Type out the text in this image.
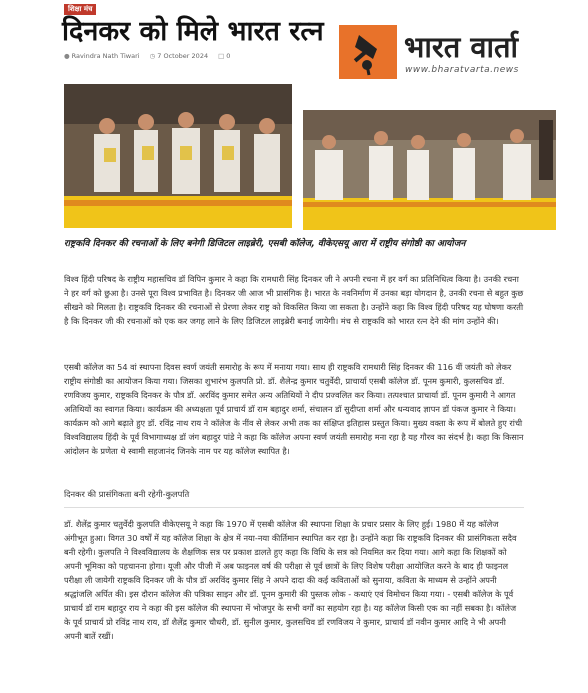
शिक्षा मंच
दिनकर को मिले भारत रत्न
● Ravindra Nath Tiwari ◷ 7 October 2024 □ 0	भारत वार्ता
www.bharatvarta.news

राष्ट्रकवि दिनकर की रचनाओं के लिए बनेगी डिजिटल लाइब्रेरी, एसबी कॉलेज, वीकेएसयू आरा में राष्ट्रीय संगोष्ठी का आयोजन

विश्व हिंदी परिषद के राष्ट्रीय महासचिव डॉ विपिन कुमार ने कहा कि रामधारी सिंह दिनकर जी ने अपनी रचना में हर वर्ग का प्रतिनिधित्व किया है। उनकी रचना ने हर वर्ग को छुआ है। उनसे पूरा विश्व प्रभावित है। दिनकर जी आज भी प्रासंगिक है। भारत के नवनिर्माण में उनका बड़ा योगदान है, उनकी रचना से बहुत कुछ सीखने को मिलता है। राष्ट्रकवि दिनकर की रचनाओं से प्रेरणा लेकर राष्ट्र को विकसित किया जा सकता है। उन्होंने कहा कि विश्व हिंदी परिषद यह घोषणा करती है कि दिनकर जी की रचनाओं को एक कर जगह लाने के लिए डिजिटल लाइब्रेरी बनाई जायेगी। मंच से राष्ट्रकवि को भारत रत्न देने की मांग उन्होंने की।

एसबी कॉलेज का 54 वां स्थापना दिवस स्वर्ण जयंती समारोह के रूप में मनाया गया। साथ ही राष्ट्रकवि रामधारी सिंह दिनकर की 116 वीं जयंती को लेकर राष्ट्रीय संगोष्ठी का आयोजन किया गया। जिसका शुभारंभ कुलपति प्रो. डॉ. शैलेन्द्र कुमार चतुर्वेदी, प्राचार्या एसबी कॉलेज डॉ. पूनम कुमारी, कुलसचिव डॉ. रणविजय कुमार, राष्ट्रकवि दिनकर के पौत्र डॉ. अरविंद कुमार समेत अन्य अतिथियों ने दीप प्रज्वलित कर किया। तत्पश्चात प्राचार्या डॉ. पूनम कुमारी ने आगत अतिथियों का स्वागत किया। कार्यक्रम की अध्यक्षता पूर्व प्राचार्य डॉ राम बहादुर शर्मा, संचालन डॉ सुदीप्ता शर्मा और धन्यवाद ज्ञापन डॉ पंकज कुमार ने किया। कार्यक्रम को आगे बढ़ाते हुए डॉ. रविंद्र नाथ राय ने कॉलेज के नींव से लेकर अभी तक का संक्षिप्त इतिहास प्रस्तुत किया। मुख्य वक्ता के रूप में बोलते हुए रांची विश्वविद्यालय हिंदी के पूर्व विभागाध्यक्ष डॉ जंग बहादुर पांडे ने कहा कि कॉलेज अपना स्वर्ण जयंती समारोह मना रहा है यह गौरव का संदर्भ है। कहा कि किसान आंदोलन के प्रणेता थे स्वामी सहजानंद जिनके नाम पर यह कॉलेज स्थापित है।

दिनकर की प्रासंगिकता बनी रहेगी-कुलपति

डॉ. शैलेंद्र कुमार चतुर्वेदी कुलपति वीकेएसयू ने कहा कि 1970 में एसबी कॉलेज की स्थापना शिक्षा के प्रचार प्रसार के लिए हुई। 1980 में यह कॉलेज अंगीभूत हुआ। विगत 30 वर्षों में यह कॉलेज शिक्षा के क्षेत्र में नया-नया कीर्तिमान स्थापित कर रहा है। उन्होंने कहा कि राष्ट्रकवि दिनकर की प्रासंगिकता सदैव बनी रहेगी। कुलपति ने विश्वविद्यालय के शैक्षणिक सत्र पर प्रकाश डालते हुए कहा कि विधि के सत्र को नियमित कर दिया गया। आगे कहा कि शिक्षकों को अपनी भूमिका को पहचानना होगा। यूजी और पीजी में अब फाइनल वर्ष की परीक्षा से पूर्व छात्रों के लिए विशेष परीक्षा आयोजित करने के बाद ही फाइनल परीक्षा ली जायेगी राष्ट्रकवि दिनकर जी के पौत्र डॉ अरविंद कुमार सिंह ने अपने दादा की कई कविताओं को सुनाया, कविता के माध्यम से उन्होंने अपनी श्रद्धांजलि अर्पित की। इस दौरान कॉलेज की पत्रिका साइन और डॉ. पूनम कुमारी की पुस्तक लोक - कथाएं एवं विमोचन किया गया। - एसबी कॉलेज के पूर्व प्राचार्य डॉ राम बहादुर राय ने कहा की इस कॉलेज की स्थापना में भोजपुर के सभी वर्गों का सहयोग रहा है। यह कॉलेज किसी एक का नहीं सबका है। कॉलेज के पूर्व प्राचार्य प्रो रविंद्र नाथ राय, डॉ शैलेंद्र कुमार चौधरी, डॉ. सुनील कुमार, कुलसचिव डॉ रणविजय ने कुमार, प्राचार्य डॉ नवीन कुमार आदि ने भी अपनी अपनी बातें रखीं।
